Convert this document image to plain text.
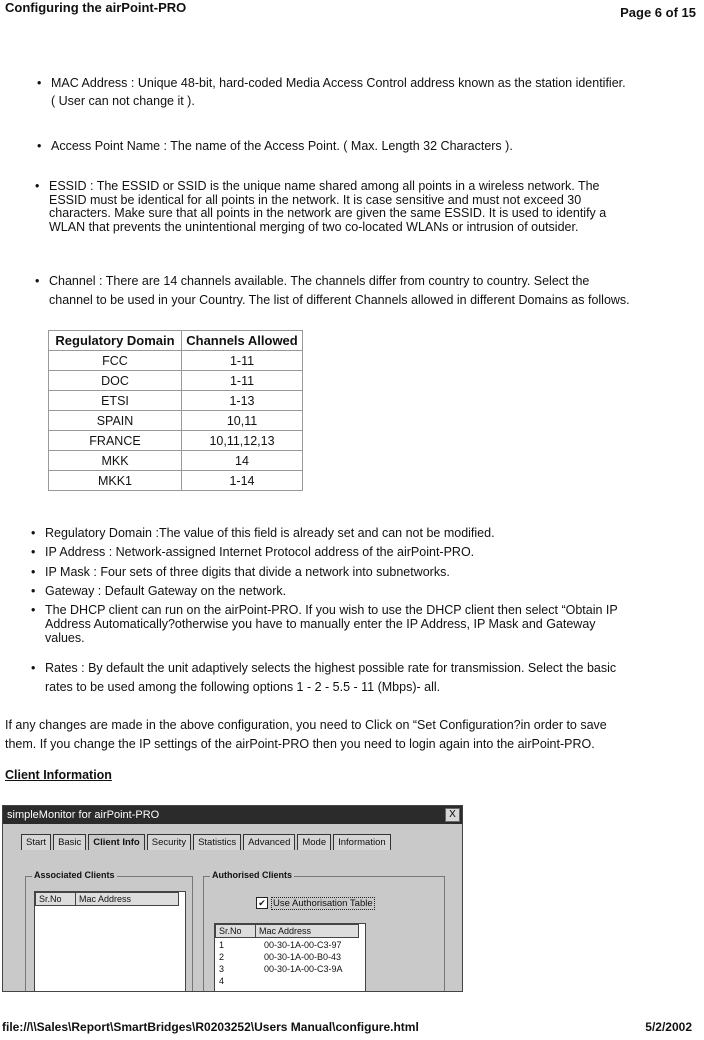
Configuring the airPoint-PRO	Page 6 of 15
• MAC Address : Unique 48-bit, hard-coded Media Access Control address known as the station identifier.
( User can not change it ).
• Access Point Name : The name of the Access Point. ( Max. Length 32 Characters ).
• ESSID : The ESSID or SSID is the unique name shared among all points in a wireless network. The
ESSID must be identical for all points in the network. It is case sensitive and must not exceed 30
characters. Make sure that all points in the network are given the same ESSID. It is used to identify a
WLAN that prevents the unintentional merging of two co-located WLANs or intrusion of outsider.
• Channel : There are 14 channels available. The channels differ from country to country. Select the
channel to be used in your Country. The list of different Channels allowed in different Domains as follows.
Regulatory Domain	Channels Allowed
FCC	1-11
DOC	1-11
ETSI	1-13
SPAIN	10,11
FRANCE	10,11,12,13
MKK	14
MKK1	1-14
• Regulatory Domain :The value of this field is already set and can not be modified.
• IP Address : Network-assigned Internet Protocol address of the airPoint-PRO.
• IP Mask : Four sets of three digits that divide a network into subnetworks.
• Gateway : Default Gateway on the network.
• The DHCP client can run on the airPoint-PRO. If you wish to use the DHCP client then select “Obtain IP
Address Automatically?otherwise you have to manually enter the IP Address, IP Mask and Gateway
values.
• Rates : By default the unit adaptively selects the highest possible rate for transmission. Select the basic
rates to be used among the following options 1 - 2 - 5.5 - 11 (Mbps)- all.
If any changes are made in the above configuration, you need to Click on “Set Configuration?in order to save
them. If you change the IP settings of the airPoint-PRO then you need to login again into the airPoint-PRO.
Client Information
simpleMonitor for airPoint-PRO	X
Start	Basic	Client Info	Security	Statistics	Advanced	Mode	Information
Associated Clients
Sr.No	Mac Address
Authorised Clients
✔ Use Authorisation Table
Sr.No	Mac Address
1	00-30-1A-00-C3-97
2	00-30-1A-00-B0-43
3	00-30-1A-00-C3-9A
4
file://\\Sales\Report\SmartBridges\R0203252\Users Manual\configure.html	5/2/2002
